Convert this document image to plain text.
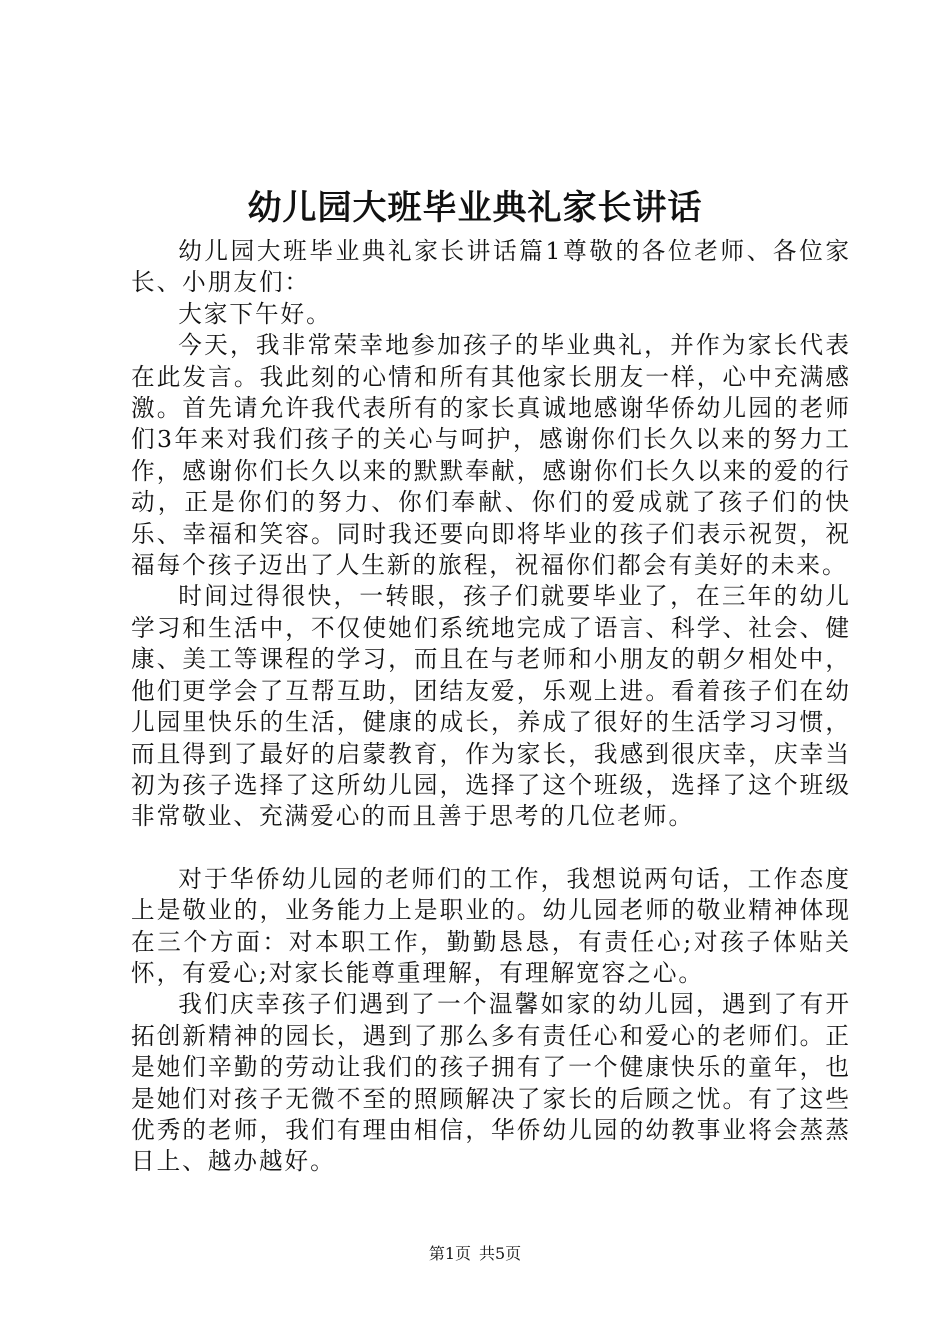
幼儿园大班毕业典礼家长讲话

幼儿园大班毕业典礼家长讲话篇1尊敬的各位老师、各位家长、小朋友们：

大家下午好。

今天，我非常荣幸地参加孩子的毕业典礼，并作为家长代表在此发言。我此刻的心情和所有其他家长朋友一样，心中充满感激。首先请允许我代表所有的家长真诚地感谢华侨幼儿园的老师们3年来对我们孩子的关心与呵护，感谢你们长久以来的努力工作，感谢你们长久以来的默默奉献，感谢你们长久以来的爱的行动，正是你们的努力、你们奉献、你们的爱成就了孩子们的快乐、幸福和笑容。同时我还要向即将毕业的孩子们表示祝贺，祝福每个孩子迈出了人生新的旅程，祝福你们都会有美好的未来。

时间过得很快，一转眼，孩子们就要毕业了，在三年的幼儿学习和生活中，不仅使她们系统地完成了语言、科学、社会、健康、美工等课程的学习，而且在与老师和小朋友的朝夕相处中，他们更学会了互帮互助，团结友爱，乐观上进。看着孩子们在幼儿园里快乐的生活，健康的成长，养成了很好的生活学习习惯，而且得到了最好的启蒙教育，作为家长，我感到很庆幸，庆幸当初为孩子选择了这所幼儿园，选择了这个班级，选择了这个班级非常敬业、充满爱心的而且善于思考的几位老师。

对于华侨幼儿园的老师们的工作，我想说两句话，工作态度上是敬业的，业务能力上是职业的。幼儿园老师的敬业精神体现在三个方面：对本职工作，勤勤恳恳，有责任心;对孩子体贴关怀，有爱心;对家长能尊重理解，有理解宽容之心。

我们庆幸孩子们遇到了一个温馨如家的幼儿园，遇到了有开拓创新精神的园长，遇到了那么多有责任心和爱心的老师们。正是她们辛勤的劳动让我们的孩子拥有了一个健康快乐的童年，也是她们对孩子无微不至的照顾解决了家长的后顾之忧。有了这些优秀的老师，我们有理由相信，华侨幼儿园的幼教事业将会蒸蒸日上、越办越好。

第1页 共5页
